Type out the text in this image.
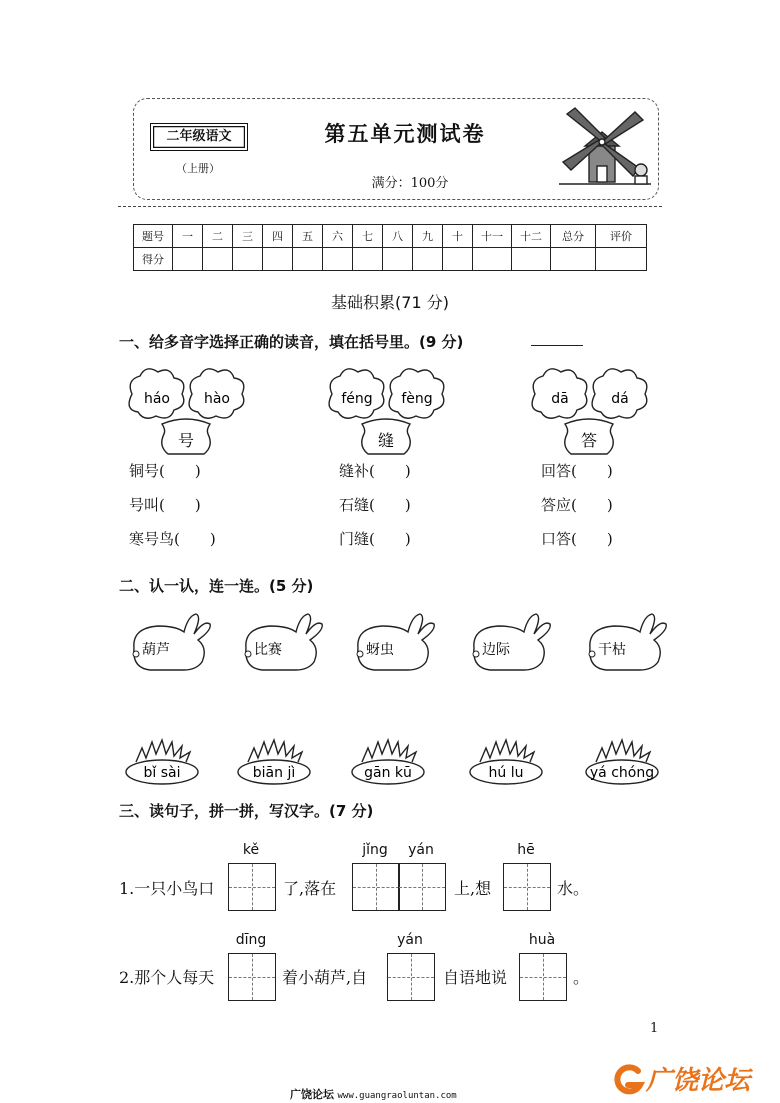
二年级语文
（上册）
第五单元测试卷
满分：100分
题号	一	二	三	四	五	六	七	八	九	十	十一	十二	总分	评价
得分														
基础积累(71 分)
一、给多音字选择正确的读音，填在括号里。(9 分)
háo hào
号
铜号(　　)
号叫(　　)
寒号鸟(　　)
féng fèng
缝
缝补(　　)
石缝(　　)
门缝(　　)
dā	dá
答
回答(　　)
答应(　　)
口答(　　)
二、认一认，连一连。(5 分)
葫芦	比赛	蚜虫	边际	干枯
bǐ sài	biān jì	gān kū	hú lu	yá chóng
三、读句子，拼一拼，写汉字。(7 分)
kě	jǐng	yán	hē
1.一只小鸟口	了,落在	上,想	水。
dīng	yán	huà
2.那个人每天	着小葫芦,自	自语地说	。
1
广饶论坛 www.guangraoluntan.com	广饶论坛
